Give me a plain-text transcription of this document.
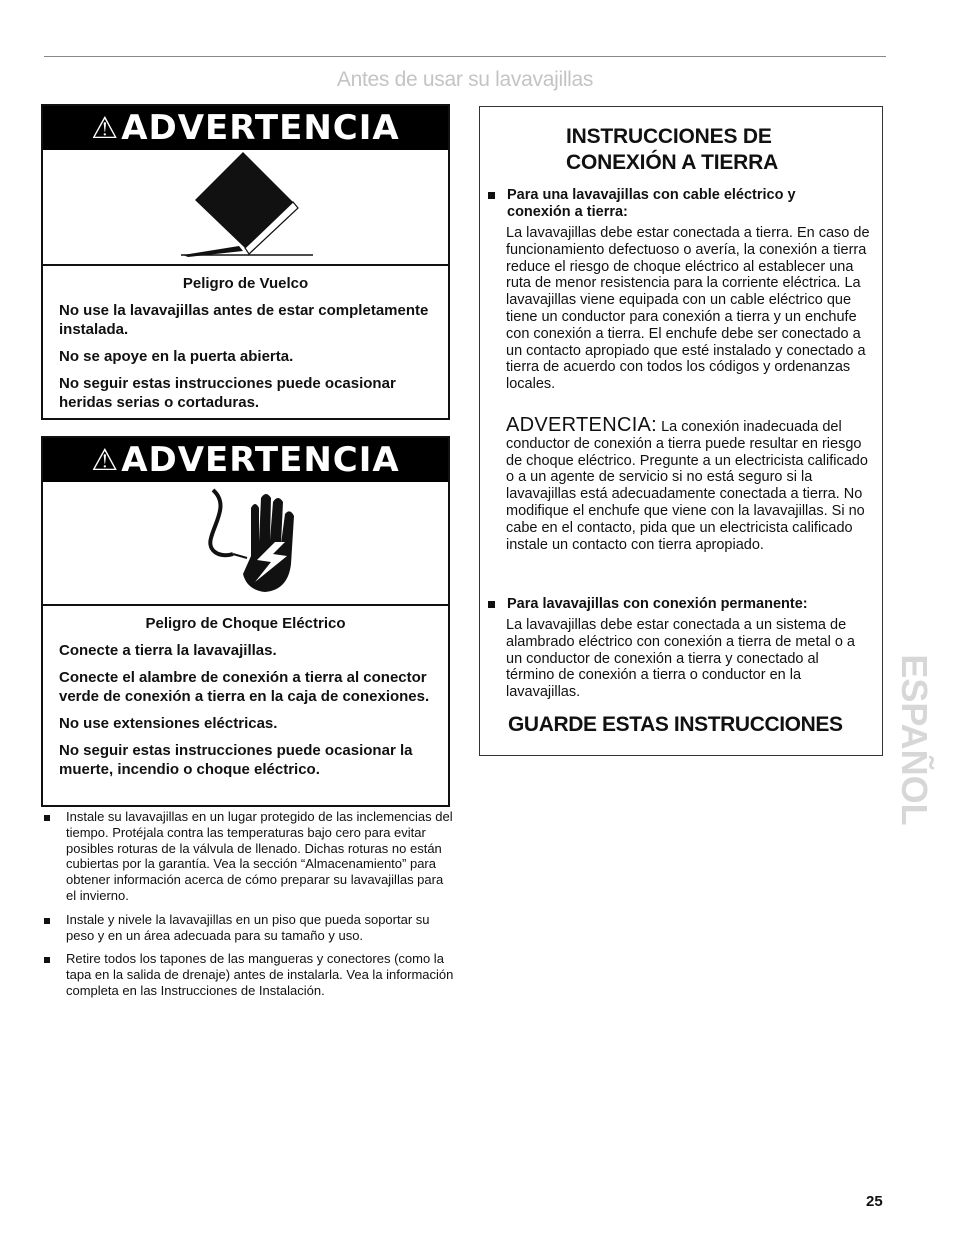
Antes de usar su lavavajillas
⚠ ADVERTENCIA

Peligro de Vuelco

No use la lavavajillas antes de estar completamente instalada.

No se apoye en la puerta abierta.

No seguir estas instrucciones puede ocasionar heridas serias o cortaduras.

⚠ ADVERTENCIA

Peligro de Choque Eléctrico

Conecte a tierra la lavavajillas.

Conecte el alambre de conexión a tierra al conector verde de conexión a tierra en la caja de conexiones.

No use extensiones eléctricas.

No seguir estas instrucciones puede ocasionar la muerte, incendio o choque eléctrico.

INSTRUCCIONES DE
CONEXIÓN A TIERRA
Para una lavavajillas con cable eléctrico y conexión a tierra:
La lavavajillas debe estar conectada a tierra. En caso de funcionamiento defectuoso o avería, la conexión a tierra reduce el riesgo de choque eléctrico al establecer una ruta de menor resistencia para la corriente eléctrica. La lavavajillas viene equipada con un cable eléctrico que tiene un conductor para conexión a tierra y un enchufe con conexión a tierra. El enchufe debe ser conectado a un contacto apropiado que esté instalado y conectado a tierra de acuerdo con todos los códigos y ordenanzas locales.
ADVERTENCIA: La conexión inadecuada del conductor de conexión a tierra puede resultar en riesgo de choque eléctrico. Pregunte a un electricista calificado o a un agente de servicio si no está seguro si la lavavajillas está adecuadamente conectada a tierra. No modifique el enchufe que viene con la lavavajillas. Si no cabe en el contacto, pida que un electricista calificado instale un contacto con tierra apropiado.
Para lavavajillas con conexión permanente:
La lavavajillas debe estar conectada a un sistema de alambrado eléctrico con conexión a tierra de metal o a un conductor de conexión a tierra y conectado al término de conexión a tierra o conductor en la lavavajillas.
GUARDE ESTAS INSTRUCCIONES
Instale su lavavajillas en un lugar protegido de las inclemencias del tiempo. Protéjala contra las temperaturas bajo cero para evitar posibles roturas de la válvula de llenado. Dichas roturas no están cubiertas por la garantía. Vea la sección “Almacenamiento” para obtener información acerca de cómo preparar su lavavajillas para el invierno.
Instale y nivele la lavavajillas en un piso que pueda soportar su peso y en un área adecuada para su tamaño y uso.
Retire todos los tapones de las mangueras y conectores (como la tapa en la salida de drenaje) antes de instalarla. Vea la información completa en las Instrucciones de Instalación.
ESPAÑOL
25
